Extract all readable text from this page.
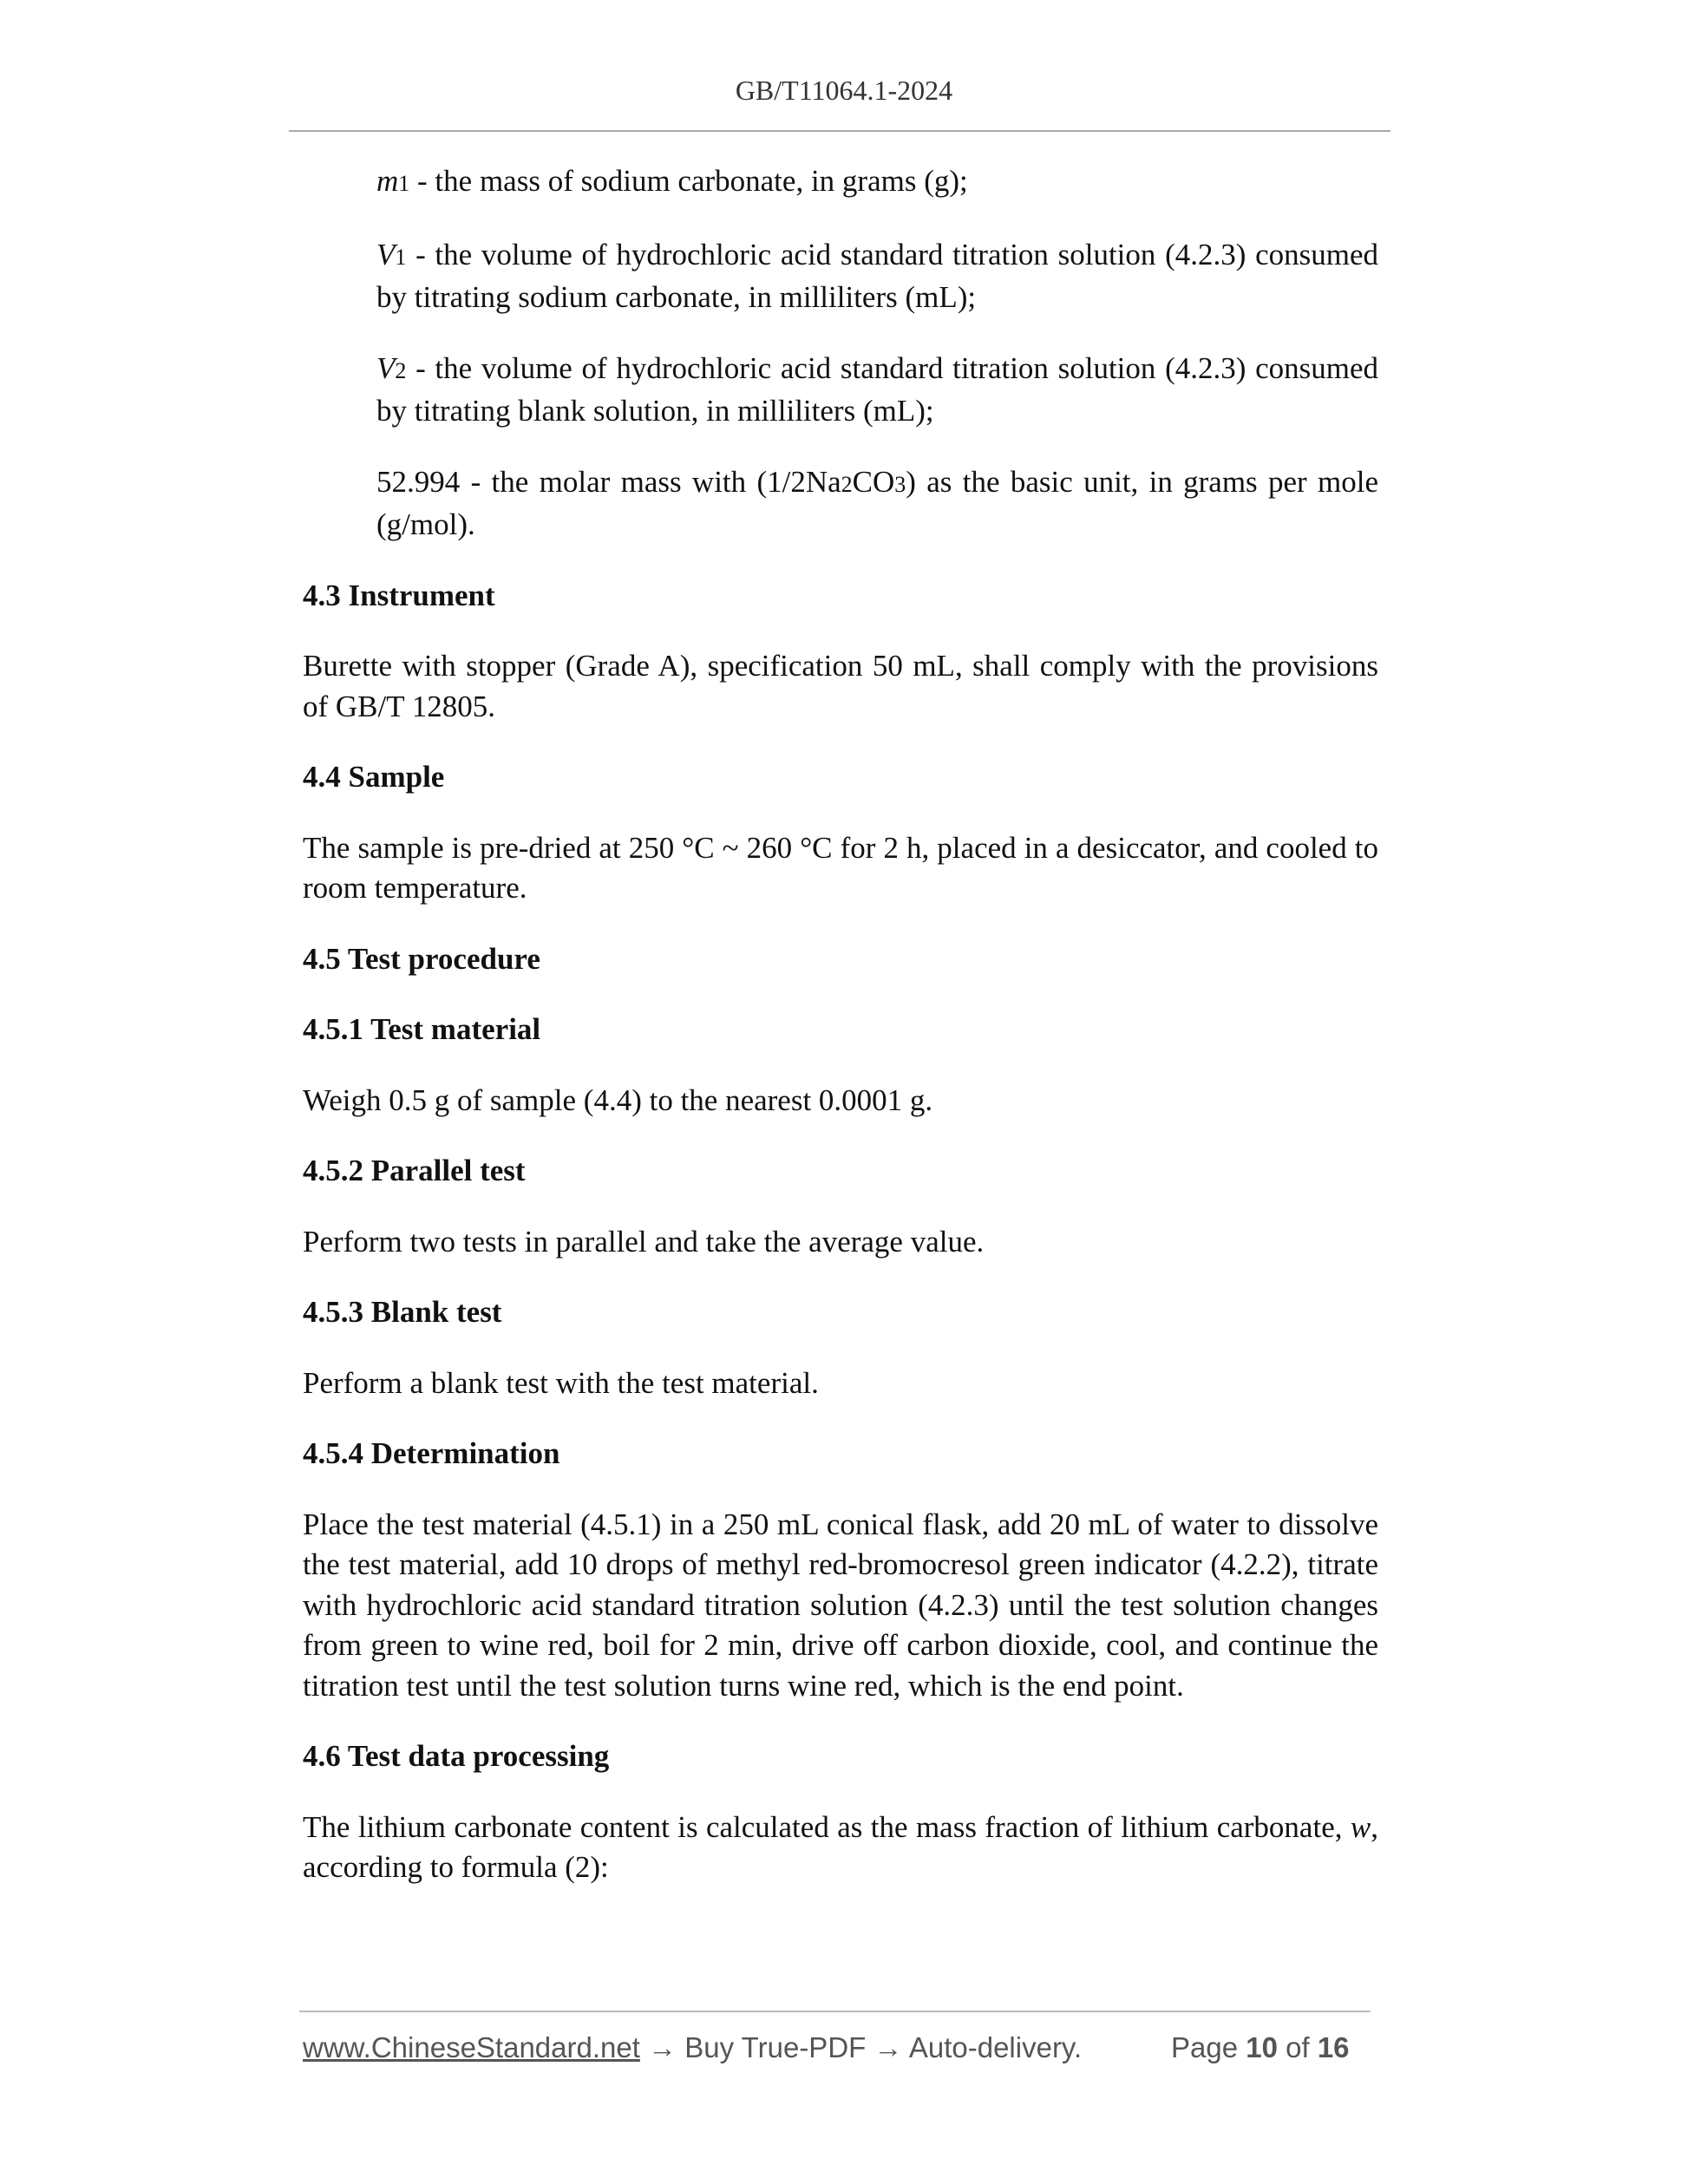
GB/T11064.1-2024

m1 - the mass of sodium carbonate, in grams (g);

V1 - the volume of hydrochloric acid standard titration solution (4.2.3) consumed by titrating sodium carbonate, in milliliters (mL);

V2 - the volume of hydrochloric acid standard titration solution (4.2.3) consumed by titrating blank solution, in milliliters (mL);

52.994 - the molar mass with (1/2Na2CO3) as the basic unit, in grams per mole (g/mol).

4.3 Instrument

Burette with stopper (Grade A), specification 50 mL, shall comply with the provisions of GB/T 12805.

4.4 Sample

The sample is pre-dried at 250 °C ~ 260 °C for 2 h, placed in a desiccator, and cooled to room temperature.

4.5 Test procedure

4.5.1 Test material

Weigh 0.5 g of sample (4.4) to the nearest 0.0001 g.

4.5.2 Parallel test

Perform two tests in parallel and take the average value.

4.5.3 Blank test

Perform a blank test with the test material.

4.5.4 Determination

Place the test material (4.5.1) in a 250 mL conical flask, add 20 mL of water to dissolve the test material, add 10 drops of methyl red-bromocresol green indicator (4.2.2), titrate with hydrochloric acid standard titration solution (4.2.3) until the test solution changes from green to wine red, boil for 2 min, drive off carbon dioxide, cool, and continue the titration test until the test solution turns wine red, which is the end point.

4.6 Test data processing

The lithium carbonate content is calculated as the mass fraction of lithium carbonate, w, according to formula (2):

www.ChineseStandard.net → Buy True-PDF → Auto-delivery.	Page 10 of 16
